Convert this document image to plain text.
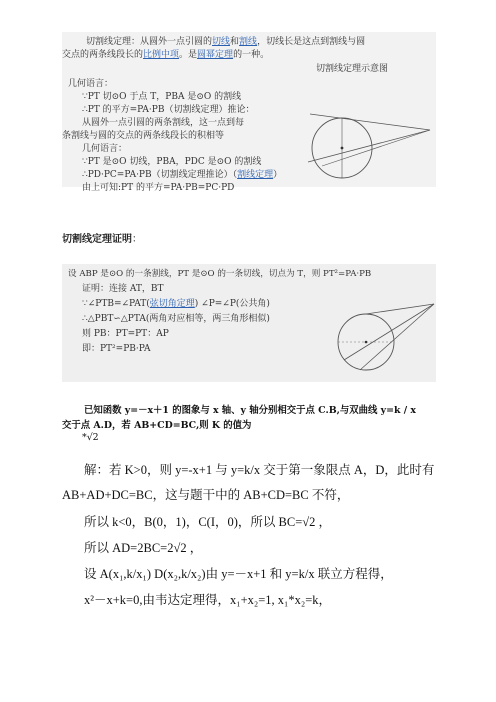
切割线定理：从圆外一点引圆的切线和割线，切线长是这点到割线与圆
交点的两条线段长的比例中项。是圆幂定理的一种。
切割线定理示意图
几何语言：
∵PT 切⊙O 于点 T，PBA 是⊙O 的割线
∴PT 的平方=PA·PB（切割线定理）推论：
从圆外一点引圆的两条割线，这一点到每
条割线与圆的交点的两条线段长的积相等
几何语言：
∵PT 是⊙O 切线，PBA，PDC 是⊙O 的割线
∴PD·PC=PA·PB（切割线定理推论）（割线定理）
由上可知:PT 的平方=PA·PB=PC·PD
切割线定理证明：
设 ABP 是⊙O 的一条割线，PT 是⊙O 的一条切线，切点为 T，则 PT²=PA·PB
证明：连接 AT，BT
∵∠PTB=∠PAT(弦切角定理) ∠P=∠P(公共角)
∴△PBT∽△PTA(两角对应相等，两三角形相似)
则 PB：PT=PT：AP
即：PT²=PB·PA
已知函数 y=－x＋1 的图象与 x 轴、y 轴分别相交于点 C.B,与双曲线 y=k / x
交于点 A.D，若 AB+CD=BC,则 K 的值为
*√2
解：若 K>0，则 y=-x+1 与 y=k/x 交于第一象限点 A，D，此时有
AB+AD+DC=BC，这与题干中的 AB+CD=BC 不符，
所以 k<0，B(0，1)，C(I，0)，所以 BC=√2 ，
所以 AD=2BC=2√2 ，
设 A(x₁,k/x₁) D(x₂,k/x₂)由 y=－x+1 和 y=k/x 联立方程得，
x²－x+k=0,由韦达定理得，x₁+x₂=1, x₁*x₂=k，
